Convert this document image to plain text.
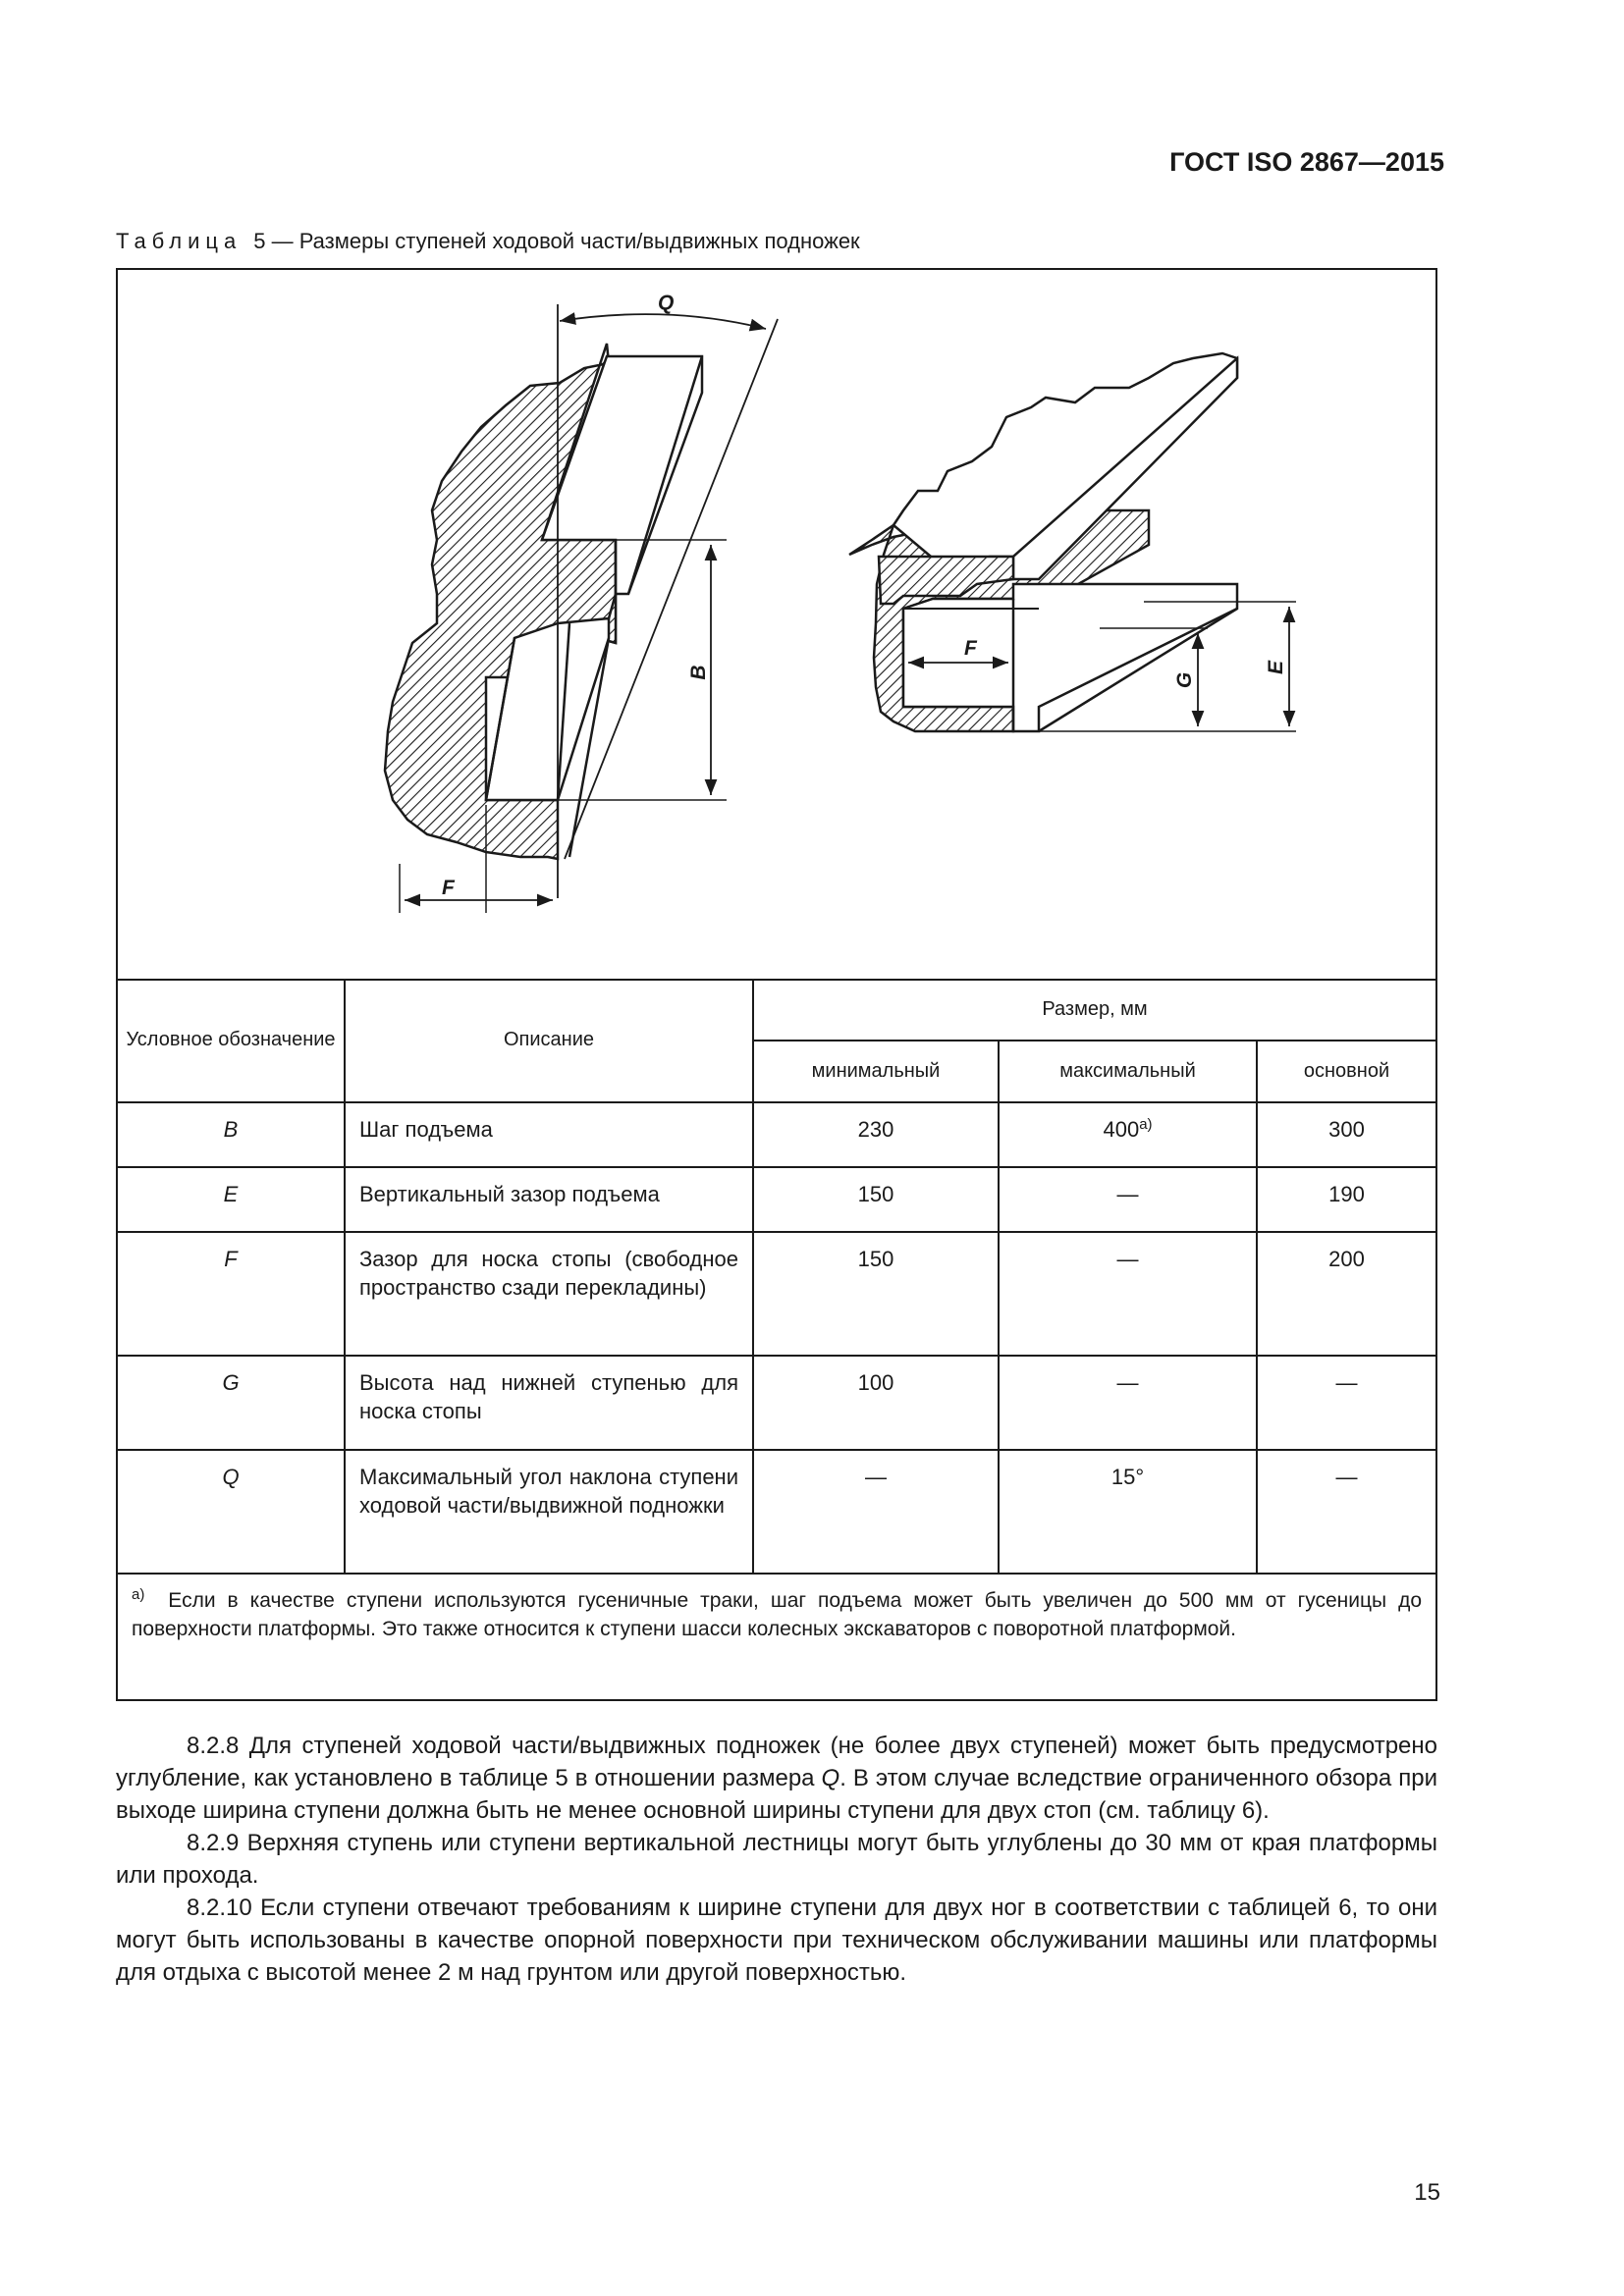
ГОСТ ISO 2867—2015
Таблица 5 — Размеры ступеней ходовой части/выдвижных подножек
Q
B
F
E
G
F
Условное обозначение	Описание	Размер, мм		
		минимальный	максимальный	основной
B	Шаг подъема	230	400$^{a)}$	300
E	Вертикальный зазор подъема	150	—	190
F	Зазор для носка стопы (свободное пространство сзади перекладины)	150	—	200
G	Высота над нижней ступенью для носка стопы	100	—	—
Q	Максимальный угол наклона ступени ходовой части/выдвижной подножки	—	15°	—
$^{a)}$ Если в качестве ступени используются гусеничные траки, шаг подъема может быть увеличен до 500 мм от гусеницы до поверхности платформы. Это также относится к ступени шасси колесных экскаваторов с поворотной платформой.				

8.2.8 Для ступеней ходовой части/выдвижных подножек (не более двух ступеней) может быть предусмотрено углубление, как установлено в таблице 5 в отношении размера Q. В этом случае вследствие ограниченного обзора при выходе ширина ступени должна быть не менее основной ширины ступени для двух стоп (см. таблицу 6).

8.2.9 Верхняя ступень или ступени вертикальной лестницы могут быть углублены до 30 мм от края платформы или прохода.

8.2.10 Если ступени отвечают требованиям к ширине ступени для двух ног в соответствии с таблицей 6, то они могут быть использованы в качестве опорной поверхности при техническом обслуживании машины или платформы для отдыха с высотой менее 2 м над грунтом или другой поверхностью.

15
